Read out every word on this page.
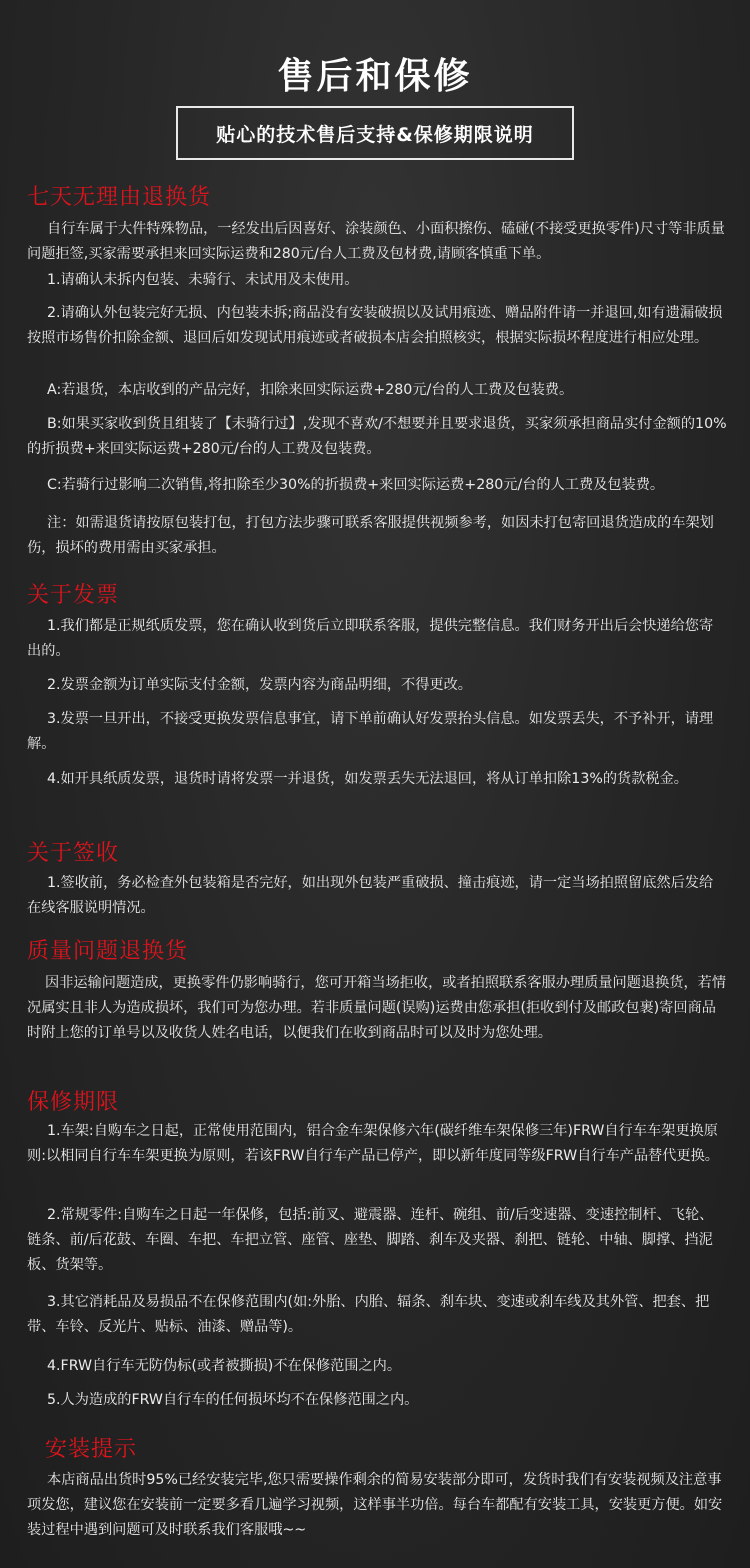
售后和保修
贴心的技术售后支持&保修期限说明
七天无理由退换货

自行车属于大件特殊物品，一经发出后因喜好、涂装颜色、小面积擦伤、磕碰(不接受更换零件)尺寸等非质量问题拒签,买家需要承担来回实际运费和280元/台人工费及包材费,请顾客慎重下单。

1.请确认未拆内包装、未骑行、未试用及未使用。

2.请确认外包装完好无损、内包装未拆;商品没有安装破损以及试用痕迹、赠品附件请一并退回,如有遗漏破损按照市场售价扣除金额、退回后如发现试用痕迹或者破损本店会拍照核实，根据实际损坏程度进行相应处理。

A:若退货，本店收到的产品完好，扣除来回实际运费+280元/台的人工费及包装费。

B:如果买家收到货且组装了【未骑行过】,发现不喜欢/不想要并且要求退货，买家须承担商品实付金额的10%的折损费+来回实际运费+280元/台的人工费及包装费。

C:若骑行过影响二次销售,将扣除至少30%的折损费+来回实际运费+280元/台的人工费及包装费。

注：如需退货请按原包装打包，打包方法步骤可联系客服提供视频参考，如因未打包寄回退货造成的车架划伤，损坏的费用需由买家承担。

关于发票

1.我们都是正规纸质发票，您在确认收到货后立即联系客服，提供完整信息。我们财务开出后会快递给您寄出的。

2.发票金额为订单实际支付金额，发票内容为商品明细，不得更改。

3.发票一旦开出，不接受更换发票信息事宜，请下单前确认好发票抬头信息。如发票丢失，不予补开，请理解。

4.如开具纸质发票，退货时请将发票一并退货，如发票丢失无法退回，将从订单扣除13%的货款税金。

关于签收

1.签收前，务必检查外包装箱是否完好，如出现外包装严重破损、撞击痕迹，请一定当场拍照留底然后发给在线客服说明情况。

质量问题退换货

因非运输问题造成，更换零件仍影响骑行，您可开箱当场拒收，或者拍照联系客服办理质量问题退换货，若情况属实且非人为造成损坏，我们可为您办理。若非质量问题(误购)运费由您承担(拒收到付及邮政包裹)寄回商品时附上您的订单号以及收货人姓名电话，以便我们在收到商品时可以及时为您处理。

保修期限

1.车架:自购车之日起，正常使用范围内，铝合金车架保修六年(碳纤维车架保修三年)FRW自行车车架更换原则:以相同自行车车架更换为原则，若该FRW自行车产品已停产，即以新年度同等级FRW自行车产品替代更换。

2.常规零件:自购车之日起一年保修，包括:前叉、避震器、连杆、碗组、前/后变速器、变速控制杆、飞轮、链条、前/后花鼓、车圈、车把、车把立管、座管、座垫、脚踏、刹车及夹器、刹把、链轮、中轴、脚撑、挡泥板、货架等。

3.其它消耗品及易损品不在保修范围内(如:外胎、内胎、辐条、刹车块、变速或刹车线及其外管、把套、把带、车铃、反光片、贴标、油漆、赠品等)。

4.FRW自行车无防伪标(或者被撕损)不在保修范围之内。

5.人为造成的FRW自行车的任何损坏均不在保修范围之内。

安装提示

本店商品出货时95%已经安装完毕,您只需要操作剩余的简易安装部分即可，发货时我们有安装视频及注意事项发您，建议您在安装前一定要多看几遍学习视频，这样事半功倍。每台车都配有安装工具，安装更方便。如安装过程中遇到问题可及时联系我们客服哦~~
